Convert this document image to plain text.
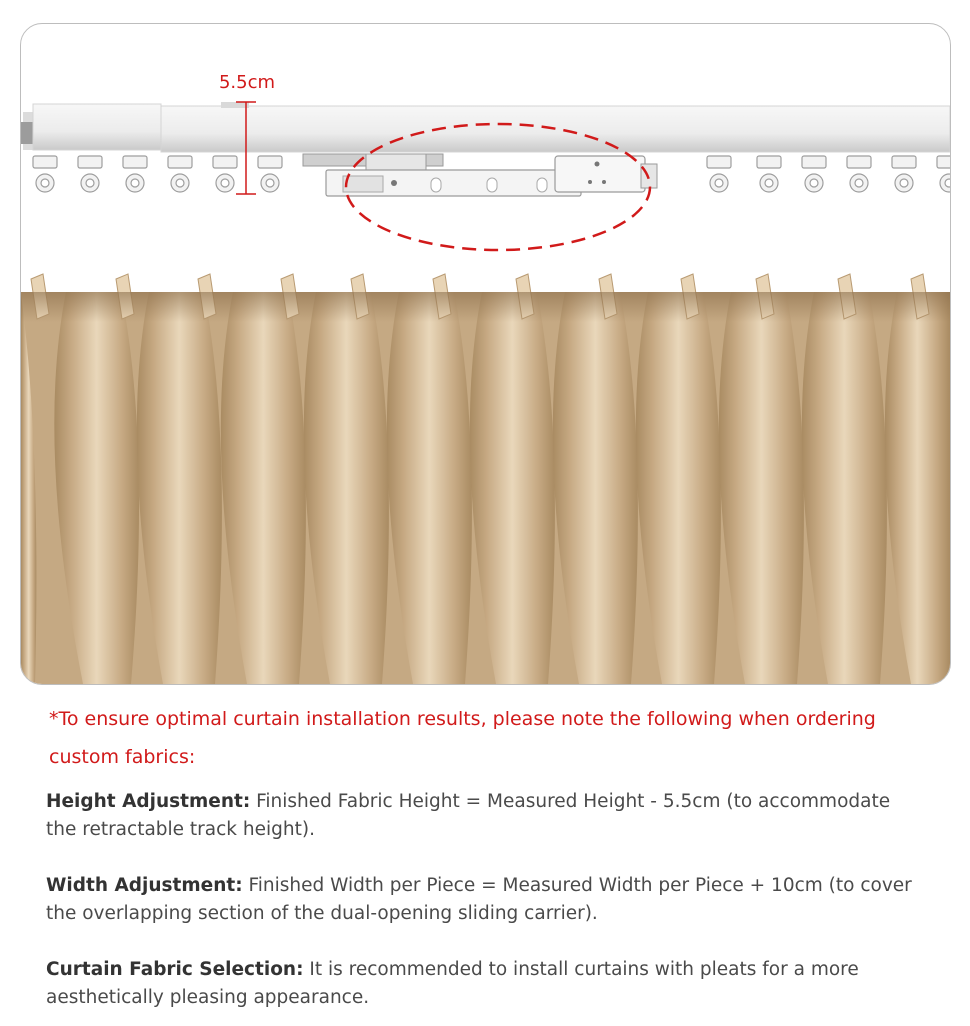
5.5cm

*To ensure optimal curtain installation results, please note the following when ordering custom fabrics:

Height Adjustment: Finished Fabric Height = Measured Height - 5.5cm (to accommodate the retractable track height).

Width Adjustment: Finished Width per Piece = Measured Width per Piece + 10cm (to cover the overlapping section of the dual-opening sliding carrier).

Curtain Fabric Selection: It is recommended to install curtains with pleats for a more aesthetically pleasing appearance.
